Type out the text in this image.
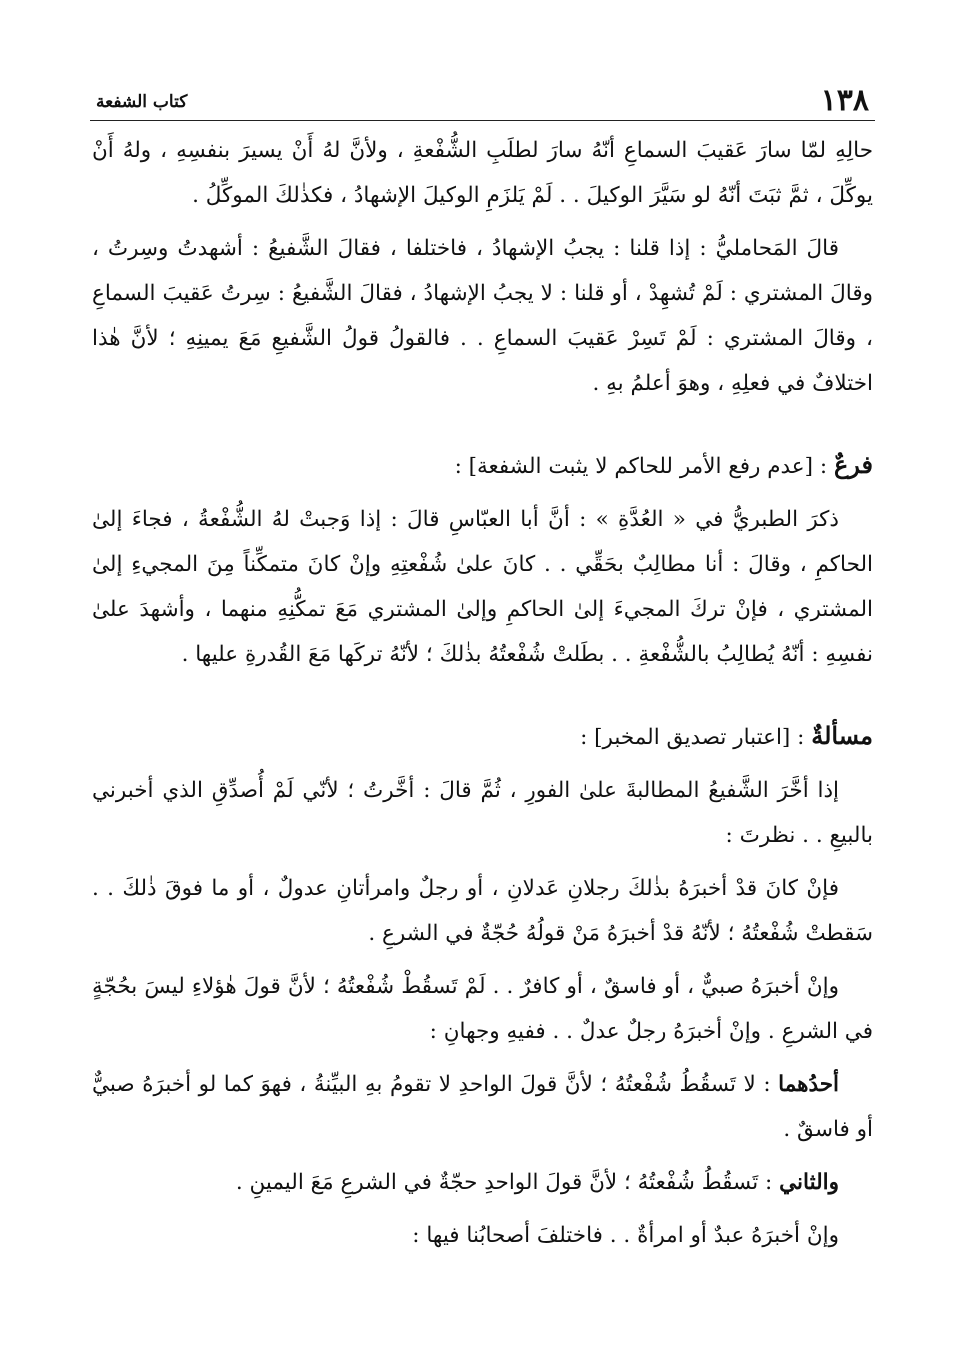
١٣٨
كتاب الشفعة

حالِهِ لمّا سارَ عَقيبَ السماعِ أنّهُ سارَ لطلَبِ الشُّفْعةِ ، ولأنَّ لهُ أَنْ يسيرَ بنفسِهِ ، ولهُ أَنْ يوكِّلَ ، ثمَّ ثبَتَ أنّهُ لو سَيَّرَ الوكيلَ . . لَمْ يَلزَمِ الوكيلَ الإشهادُ ، فكذٰلكَ الموكِّلُ .

قالَ المَحامليُّ : إذا قلنا : يجبُ الإشهادُ ، فاختلفا ، فقالَ الشَّفيعُ : أشهدتُ وسِرتُ ، وقالَ المشتري : لَمْ تُشهِدْ ، أو قلنا : لا يجبُ الإشهادُ ، فقالَ الشَّفيعُ : سِرتُ عَقيبَ السماعِ ، وقالَ المشتري : لَمْ تَسِرْ عَقيبَ السماعِ . . فالقولُ قولُ الشَّفيعِ مَعَ يمينِهِ ؛ لأنَّ هٰذا اختلافٌ في فعلِهِ ، وهوَ أعلمُ بهِ .

فرعٌ : [عدم رفع الأمر للحاكم لا يثبت الشفعة] :

ذكرَ الطبريُّ في « العُدَّةِ » : أنَّ أبا العبّاسِ قالَ : إذا وَجبتْ لهُ الشُّفْعةُ ، فجاءَ إلىٰ الحاكمِ ، وقالَ : أنا مطالِبٌ بحَقِّي . . كانَ علىٰ شُفْعتِهِ وإنْ كانَ متمكِّناً مِنَ المجيءِ إلىٰ المشتري ، فإنْ تركَ المجيءَ إلىٰ الحاكمِ وإلىٰ المشتري مَعَ تمكُّنِهِ منهما ، وأشهدَ علىٰ نفسِهِ : أنّهُ يُطالِبُ بالشُّفْعةِ . . بطَلتْ شُفْعتُهُ بذٰلكَ ؛ لأنّهُ تركَها مَعَ القُدرةِ عليها .

مسألةٌ : [اعتبار تصديق المخبر] :

إذا أخَّرَ الشَّفيعُ المطالبةَ علىٰ الفورِ ، ثُمَّ قالَ : أخَّرتُ ؛ لأنّي لَمْ أُصدِّقِ الذي أخبرني بالبيعِ . . نظرتَ :

فإنْ كانَ قدْ أخبرَهُ بذٰلكَ رجلانِ عَدلانِ ، أو رجلٌ وامرأتانِ عدولٌ ، أو ما فوقَ ذٰلكَ . . سَقطتْ شُفْعتُهُ ؛ لأنّهُ قدْ أخبرَهُ مَنْ قولُهُ حُجّةٌ في الشرعِ .

وإنْ أخبرَهُ صبيٌّ ، أو فاسقٌ ، أو كافرٌ . . لَمْ تَسقُطْ شُفْعتُهُ ؛ لأنَّ قولَ هٰؤلاءِ ليسَ بحُجّةٍ في الشرعِ . وإنْ أخبرَهُ رجلٌ عدلٌ . . ففيهِ وجهانِ :

أحدُهما : لا تَسقُطُ شُفْعتُهُ ؛ لأنَّ قولَ الواحدِ لا تقومُ بهِ البيِّنةُ ، فهوَ كما لو أخبرَهُ صبيٌّ أو فاسقٌ .

والثاني : تَسقُطُ شُفْعتُهُ ؛ لأنَّ قولَ الواحدِ حجّةٌ في الشرعِ مَعَ اليمينِ .

وإنْ أخبرَهُ عبدٌ أو امرأةٌ . . فاختلفَ أصحابُنا فيها :
